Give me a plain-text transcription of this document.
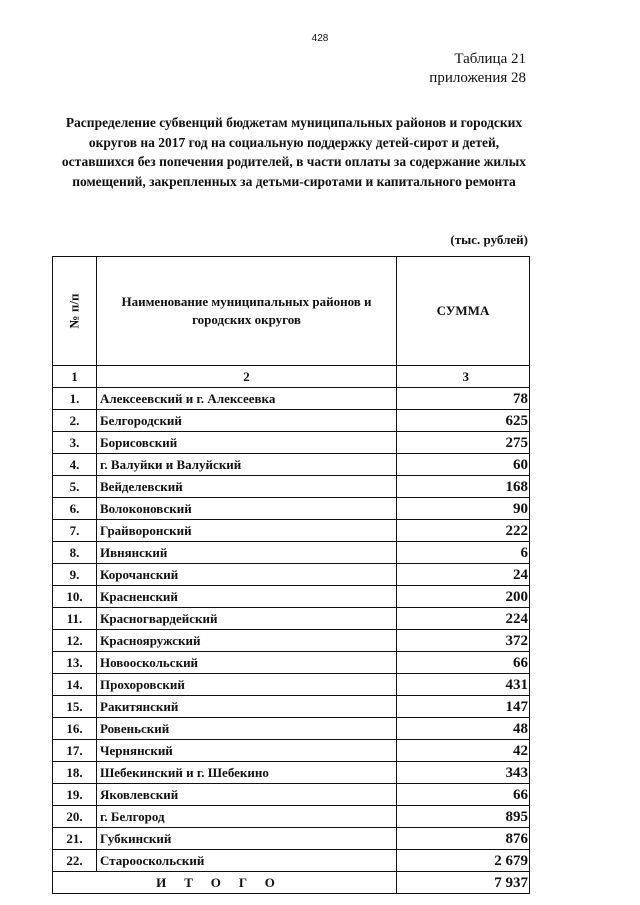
428
Таблица 21
приложения 28
Распределение субвенций бюджетам муниципальных районов и городских округов на 2017 год на социальную поддержку детей-сирот и детей, оставшихся без попечения родителей, в части оплаты за содержание жилых помещений, закрепленных за детьми-сиротами и капитального ремонта
(тыс. рублей)
№ п/п	Наименование муниципальных районов и городских округов	СУММА
1	2	3
1.	Алексеевский и г. Алексеевка	78
2.	Белгородский	625
3.	Борисовский	275
4.	г. Валуйки и Валуйский	60
5.	Вейделевский	168
6.	Волоконовский	90
7.	Грайворонский	222
8.	Ивнянский	6
9.	Корочанский	24
10.	Красненский	200
11.	Красногвардейский	224
12.	Краснояружский	372
13.	Новооскольский	66
14.	Прохоровский	431
15.	Ракитянский	147
16.	Ровеньский	48
17.	Чернянский	42
18.	Шебекинский и г. Шебекино	343
19.	Яковлевский	66
20.	г. Белгород	895
21.	Губкинский	876
22.	Старооскольский	2 679
ИТОГО		7 937
